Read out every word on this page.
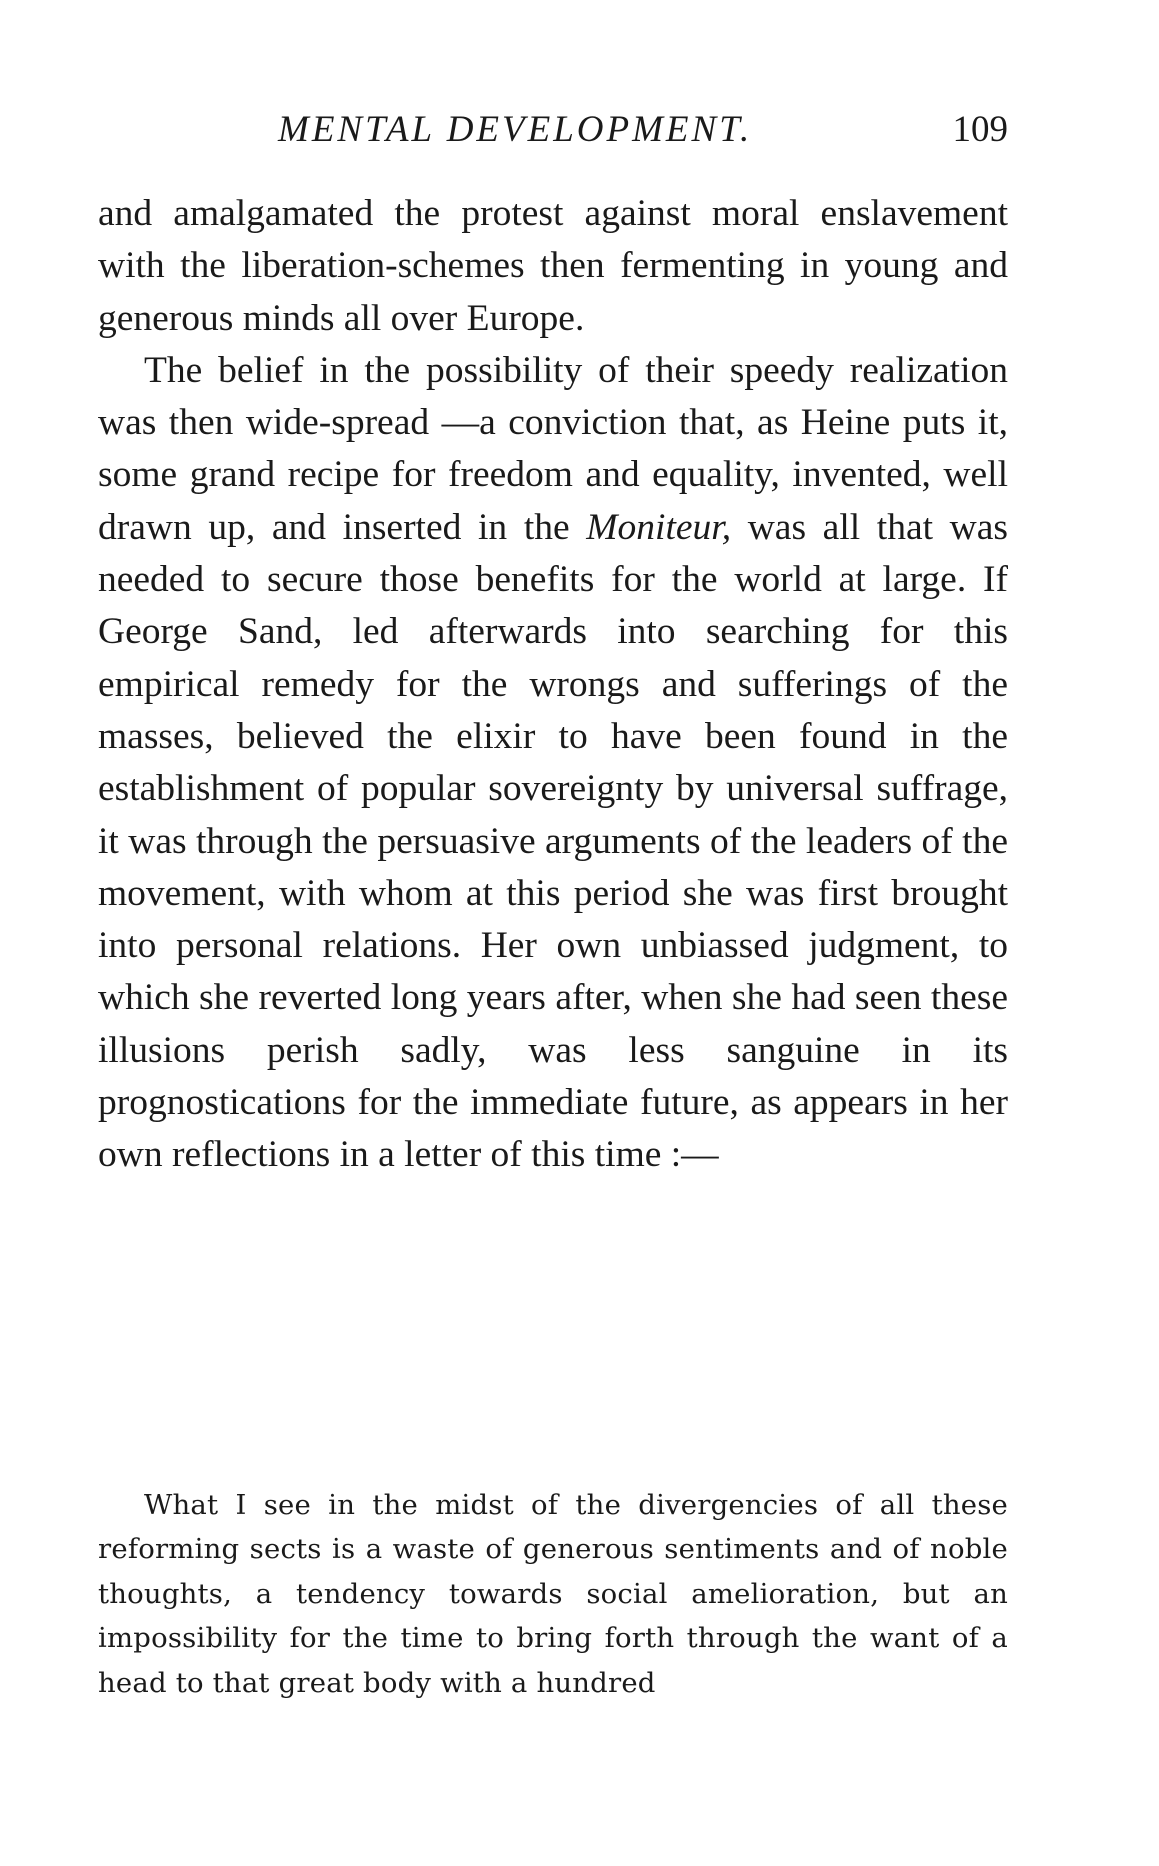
MENTAL DEVELOPMENT.	109

and amalgamated the protest against moral enslavement with the liberation-schemes then fermenting in young and generous minds all over Europe.

The belief in the possibility of their speedy realization was then wide-spread —a conviction that, as Heine puts it, some grand recipe for freedom and equality, invented, well drawn up, and inserted in the Moniteur, was all that was needed to secure those benefits for the world at large. If George Sand, led afterwards into searching for this empirical remedy for the wrongs and sufferings of the masses, believed the elixir to have been found in the establishment of popular sovereignty by universal suffrage, it was through the persuasive arguments of the leaders of the movement, with whom at this period she was first brought into personal relations. Her own unbiassed judgment, to which she reverted long years after, when she had seen these illusions perish sadly, was less sanguine in its prognostications for the immediate future, as appears in her own reflections in a letter of this time :—

What I see in the midst of the divergencies of all these reforming sects is a waste of generous sentiments and of noble thoughts, a tendency towards social amelioration, but an impossibility for the time to bring forth through the want of a head to that great body with a hundred
